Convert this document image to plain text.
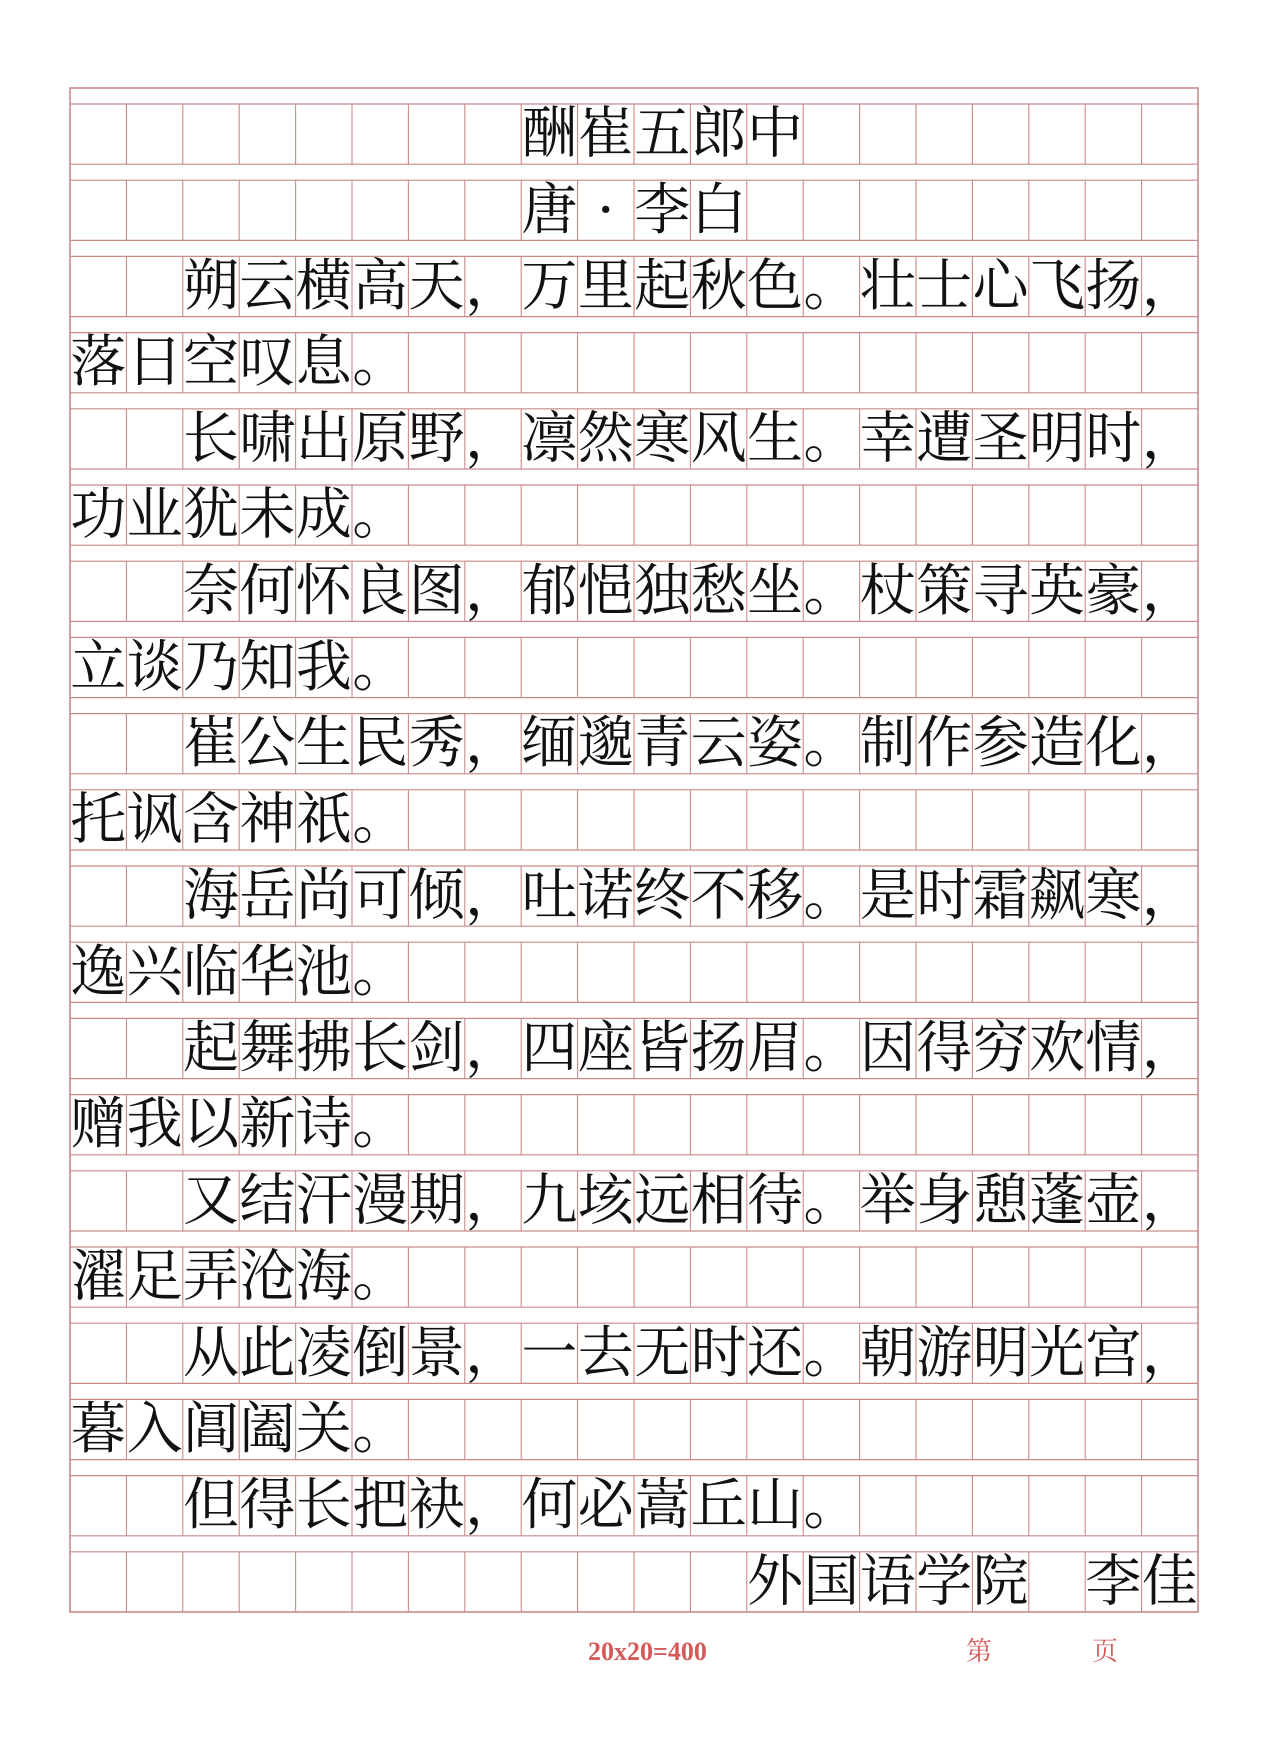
酬 崔 五 郎 中
唐 · 李 白
朔 云 横 高 天 ， 万 里 起 秋 色 。 壮 士 心 飞 扬 ，
落 日 空 叹 息 。
长 啸 出 原 野 ， 凛 然 寒 风 生 。 幸 遭 圣 明 时 ，
功 业 犹 未 成 。
奈 何 怀 良 图 ， 郁 悒 独 愁 坐 。 杖 策 寻 英 豪 ，
立 谈 乃 知 我 。
崔 公 生 民 秀 ， 缅 邈 青 云 姿 。 制 作 参 造 化 ，
托 讽 含 神 祇 。
海 岳 尚 可 倾 ， 吐 诺 终 不 移 。 是 时 霜 飙 寒 ，
逸 兴 临 华 池 。
起 舞 拂 长 剑 ， 四 座 皆 扬 眉 。 因 得 穷 欢 情 ，
赠 我 以 新 诗 。
又 结 汗 漫 期 ， 九 垓 远 相 待 。 举 身 憩 蓬 壶 ，
濯 足 弄 沧 海 。
从 此 凌 倒 景 ， 一 去 无 时 还 。 朝 游 明 光 宫 ，
暮 入 阊 阖 关 。
但 得 长 把 袂 ， 何 必 嵩 丘 山 。
外 国 语 学 院 李 佳
20x20=400	第	页
